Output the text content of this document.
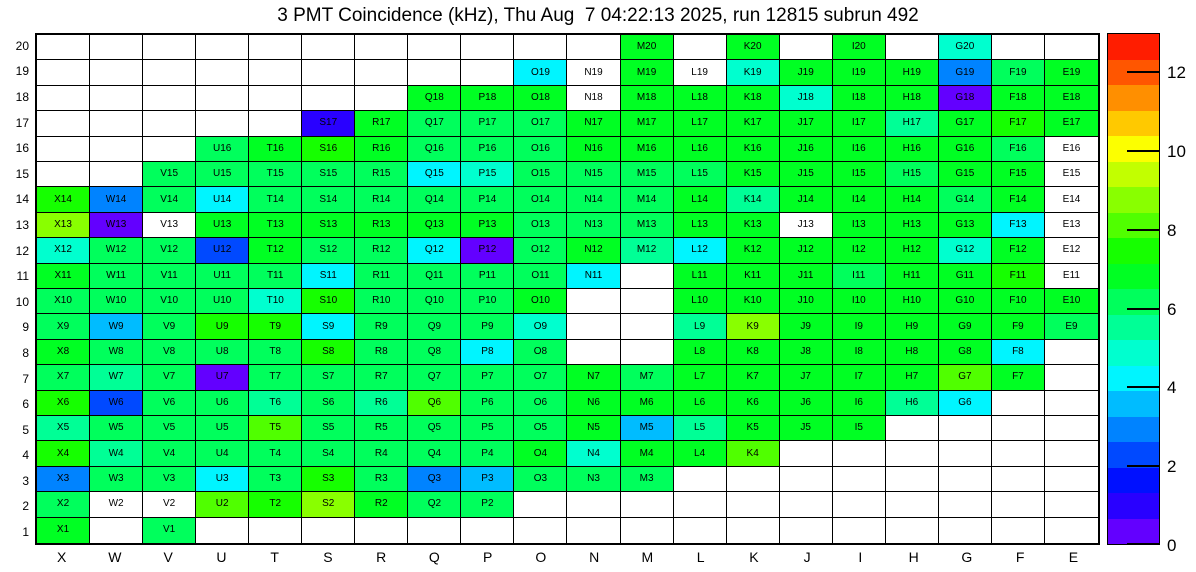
3 PMT Coincidence (kHz), Thu Aug  7 04:22:13 2025, run 12815 subrun 492
20
19
18
17
16
15
14
13
12
11
10
9
8
7
6
5
4
3
2
1
M20	K20	I20	G20
O19	N19	M19	L19	K19	J19	I19	H19	G19	F19	E19
Q18	P18	O18	N18	M18	L18	K18	J18	I18	H18	G18	F18	E18
S17	R17	Q17	P17	O17	N17	M17	L17	K17	J17	I17	H17	G17	F17	E17
U16	T16	S16	R16	Q16	P16	O16	N16	M16	L16	K16	J16	I16	H16	G16	F16	E16
V15	U15	T15	S15	R15	Q15	P15	O15	N15	M15	L15	K15	J15	I15	H15	G15	F15	E15
X14	W14	V14	U14	T14	S14	R14	Q14	P14	O14	N14	M14	L14	K14	J14	I14	H14	G14	F14	E14
X13	W13	V13	U13	T13	S13	R13	Q13	P13	O13	N13	M13	L13	K13	J13	I13	H13	G13	F13	E13
X12	W12	V12	U12	T12	S12	R12	Q12	P12	O12	N12	M12	L12	K12	J12	I12	H12	G12	F12	E12
X11	W11	V11	U11	T11	S11	R11	Q11	P11	O11	N11	L11	K11	J11	I11	H11	G11	F11	E11
X10	W10	V10	U10	T10	S10	R10	Q10	P10	O10	L10	K10	J10	I10	H10	G10	F10	E10
X9	W9	V9	U9	T9	S9	R9	Q9	P9	O9	L9	K9	J9	I9	H9	G9	F9	E9
X8	W8	V8	U8	T8	S8	R8	Q8	P8	O8	L8	K8	J8	I8	H8	G8	F8
X7	W7	V7	U7	T7	S7	R7	Q7	P7	O7	N7	M7	L7	K7	J7	I7	H7	G7	F7
X6	W6	V6	U6	T6	S6	R6	Q6	P6	O6	N6	M6	L6	K6	J6	I6	H6	G6
X5	W5	V5	U5	T5	S5	R5	Q5	P5	O5	N5	M5	L5	K5	J5	I5
X4	W4	V4	U4	T4	S4	R4	Q4	P4	O4	N4	M4	L4	K4
X3	W3	V3	U3	T3	S3	R3	Q3	P3	O3	N3	M3
X2	W2	V2	U2	T2	S2	R2	Q2	P2
X1	V1
X	W	V	U	T	S	R	Q	P	O	N	M	L	K	J	I	H	G	F	E
12
10
8
6
4
2
0
